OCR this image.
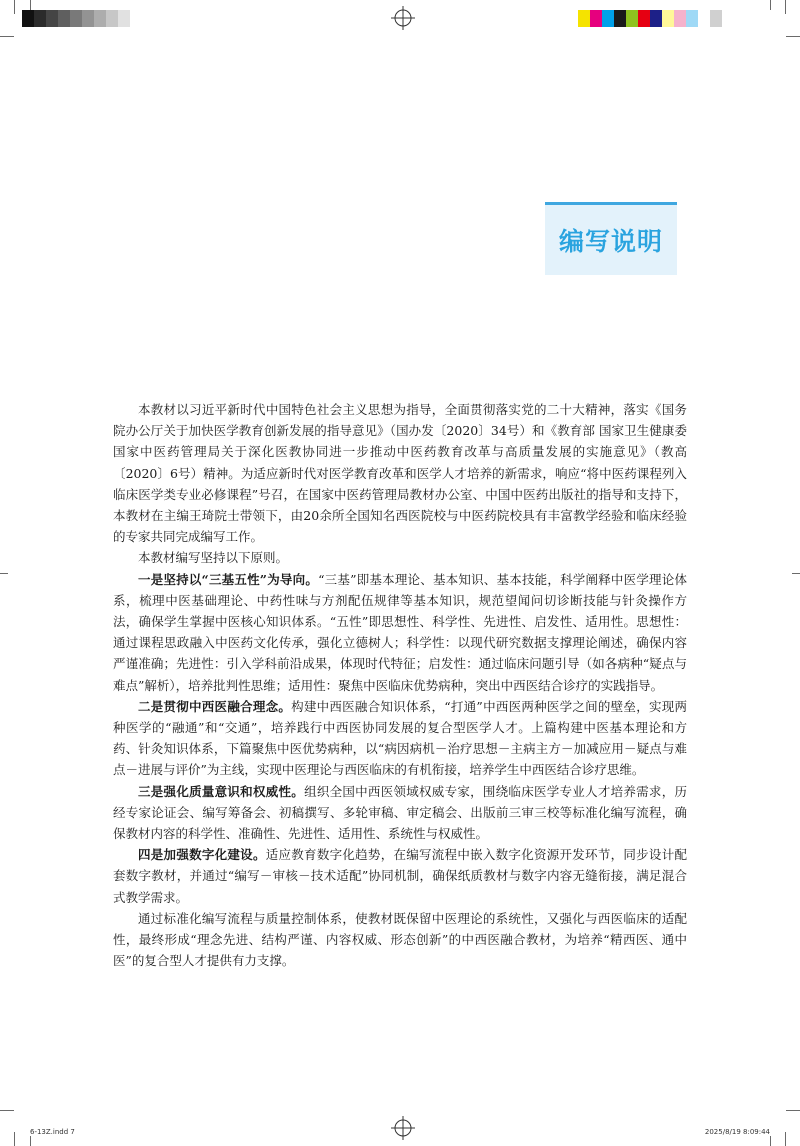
编写说明

本教材以习近平新时代中国特色社会主义思想为指导，全面贯彻落实党的二十大精神，落实《国务院办公厅关于加快医学教育创新发展的指导意见》（国办发〔2020〕34号）和《教育部 国家卫生健康委 国家中医药管理局关于深化医教协同进一步推动中医药教育改革与高质量发展的实施意见》（教高〔2020〕6号）精神。为适应新时代对医学教育改革和医学人才培养的新需求，响应“将中医药课程列入临床医学类专业必修课程”号召，在国家中医药管理局教材办公室、中国中医药出版社的指导和支持下，本教材在主编王琦院士带领下，由20余所全国知名西医院校与中医药院校具有丰富教学经验和临床经验的专家共同完成编写工作。

本教材编写坚持以下原则。

一是坚持以“三基五性”为导向。“三基”即基本理论、基本知识、基本技能，科学阐释中医学理论体系，梳理中医基础理论、中药性味与方剂配伍规律等基本知识，规范望闻问切诊断技能与针灸操作方法，确保学生掌握中医核心知识体系。“五性”即思想性、科学性、先进性、启发性、适用性。思想性：通过课程思政融入中医药文化传承，强化立德树人；科学性：以现代研究数据支撑理论阐述，确保内容严谨准确；先进性：引入学科前沿成果，体现时代特征；启发性：通过临床问题引导（如各病种“疑点与难点”解析），培养批判性思维；适用性：聚焦中医临床优势病种，突出中西医结合诊疗的实践指导。

二是贯彻中西医融合理念。构建中西医融合知识体系，“打通”中西医两种医学之间的壁垒，实现两种医学的“融通”和“交通”，培养践行中西医协同发展的复合型医学人才。上篇构建中医基本理论和方药、针灸知识体系，下篇聚焦中医优势病种，以“病因病机－治疗思想－主病主方－加减应用－疑点与难点－进展与评价”为主线，实现中医理论与西医临床的有机衔接，培养学生中西医结合诊疗思维。

三是强化质量意识和权威性。组织全国中西医领域权威专家，围绕临床医学专业人才培养需求，历经专家论证会、编写筹备会、初稿撰写、多轮审稿、审定稿会、出版前三审三校等标准化编写流程，确保教材内容的科学性、准确性、先进性、适用性、系统性与权威性。

四是加强数字化建设。适应教育数字化趋势，在编写流程中嵌入数字化资源开发环节，同步设计配套数字教材，并通过“编写－审核－技术适配”协同机制，确保纸质教材与数字内容无缝衔接，满足混合式教学需求。

通过标准化编写流程与质量控制体系，使教材既保留中医理论的系统性，又强化与西医临床的适配性，最终形成“理念先进、结构严谨、内容权威、形态创新”的中西医融合教材，为培养“精西医、通中医”的复合型人才提供有力支撑。

6-13Z.indd 7	2025/8/19 8:09:44
